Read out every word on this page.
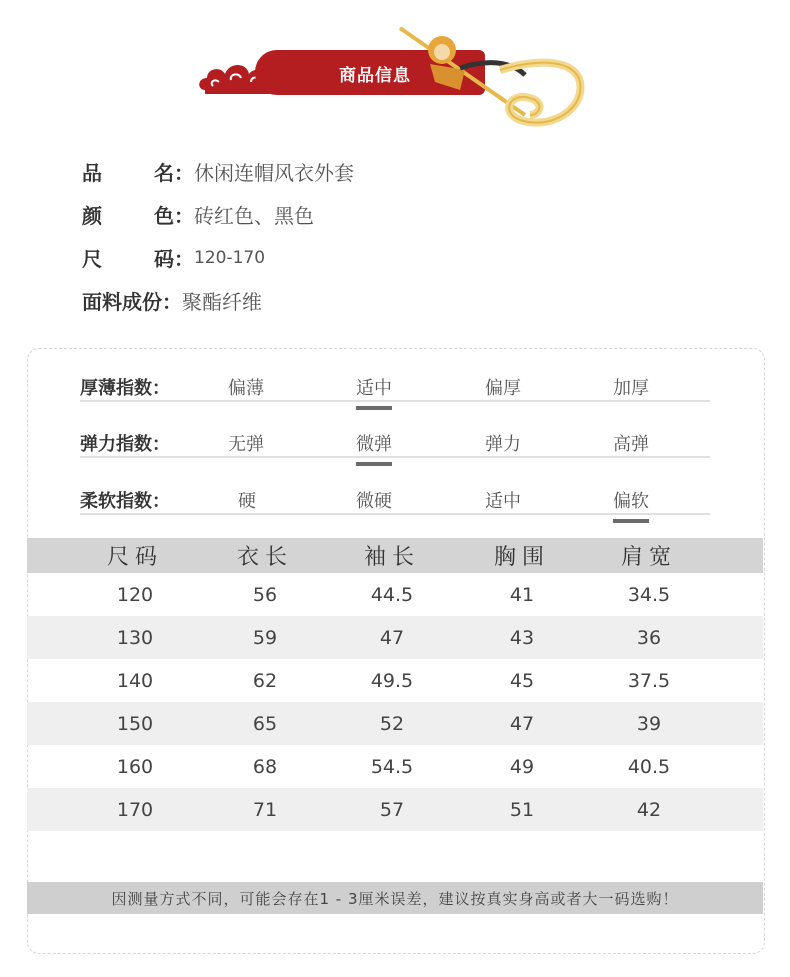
商品信息
品	名： 休闲连帽风衣外套
颜	色： 砖红色、黑色
尺	码： 120-170
面料成份： 聚酯纤维
厚薄指数：	偏薄	适中	偏厚	加厚
弹力指数：	无弹	微弹	弹力	高弹
柔软指数：	硬	微硬	适中	偏软
尺码	衣长	袖长	胸围	肩宽
120	56	44.5	41	34.5
130	59	47	43	36
140	62	49.5	45	37.5
150	65	52	47	39
160	68	54.5	49	40.5
170	71	57	51	42
因测量方式不同，可能会存在1 - 3厘米误差，建议按真实身高或者大一码选购！
